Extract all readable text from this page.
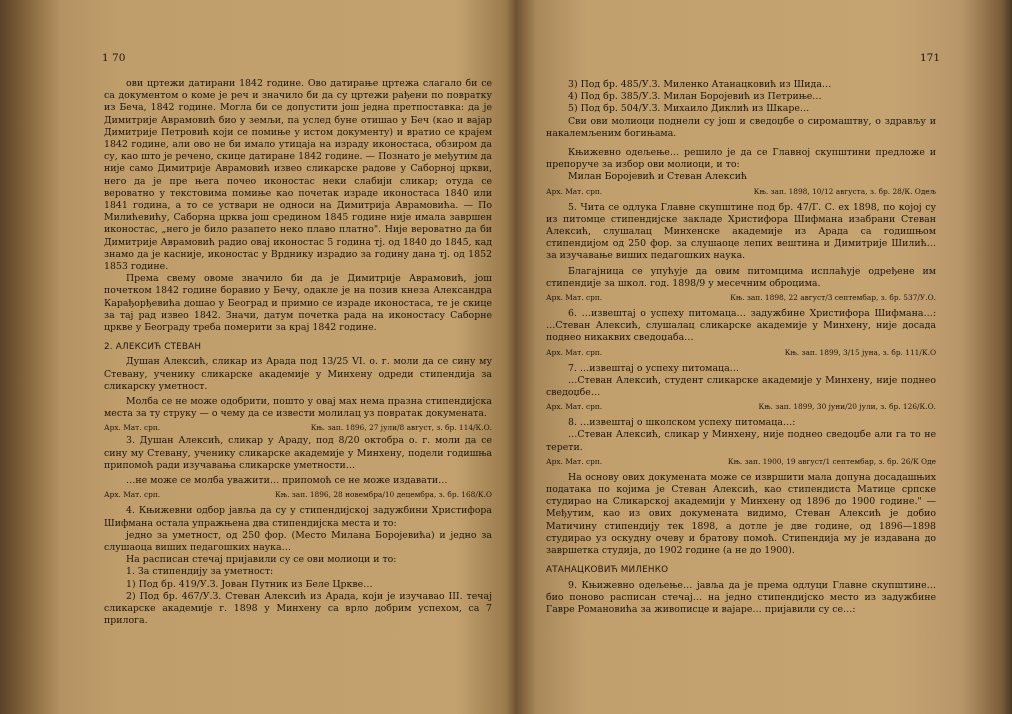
1 70

ови цртежи датирани 1842 године. Ово датирање цртежа слагало би се са документом о коме је реч и значило би да су цртежи рађени по повратку из Беча, 1842 године. Могла би се допустити још једна претпоставка: да је Димитрије Аврамовић био у земљи, па услед буне отишао у Беч (као и вајар Димитрије Петровић који се помиње у истом документу) и вратио се крајем 1842 године, али ово не би имало утицаја на израду иконостаса, обзиром да су, као што је речено, скице датиране 1842 године. — Познато је међутим да није само Димитрије Аврамовић извео сликарске радове у Саборној цркви, него да је пре њега почео иконостас неки слабији сликар; отуда се вероватно у текстовима помиње као почетак израде иконостаса 1840 или 1841 година, а то се уствари не односи на Димитрија Аврамовића. — По Милићевићу, Саборна црква још средином 1845 године није имала завршен иконостас, „него је било разапето неко плаво платно". Није вероватно да би Димитрије Аврамовић радио овај иконостас 5 година тј. од 1840 до 1845, кад знамо да је касније, иконостас у Врднику израдио за годину дана тј. од 1852 1853 године.

Према свему овоме значило би да је Димитрије Аврамовић, још почетком 1842 године боравио у Бечу, одакле је на позив кнеза Александра Карађорђевића дошао у Београд и примио се израде иконостаса, те је скице за тај рад извео 1842. Значи, датум почетка рада на иконостасу Саборне цркве у Београду треба померити за крај 1842 године.

2. АЛЕКСИЋ СТЕВАН

Душан Алексић, сликар из Арада под 13/25 VI. о. г. моли да се сину му Стевану, ученику сликарске академије у Минхену одреди стипендија за сликарску уметност.

Молба се не може одобрити, пошто у овај мах нема празна стипендијска места за ту струку — о чему да се извести молилац уз повратак докумената.

Арх. Мат. срп.	Књ. зап. 1896, 27 јули/8 август, з. бр. 114/К.О.

3. Душан Алексић, сликар у Араду, под 8/20 октобра о. г. моли да се сину му Стевану, ученику сликарске академије у Минхену, подели годишња припомоћ ради изучавања сликарске уметности…

…не може се молба уважити… припомоћ се не може издавати…

Арх. Мат. срп.	Књ. зап. 1896, 28 новембра/10 децембра, з. бр. 168/К.О

4. Књижевни одбор јавља да су у стипендијској задужбини Христифора Шифмана остала упражњена два стипендијска места и то:

једно за уметност, од 250 фор. (Место Милана Бороjевића) и једно за слушаоца виших педагошких наука…

На расписан стечај пријавили су се ови молиоци и то:

1. За стипендију за уметност:

1) Под бр. 419/У.З. Јован Путник из Беле Цркве…

2) Под бр. 467/У.З. Стеван Алексић из Арада, који је изучавао III. течај сликарске академије г. 1898 у Минхену са врло добрим успехом, са 7 прилога.

171

3) Под бр. 485/У.З. Миленко Атанацковић из Шида…

4) Под бр. 385/У.З. Милан Боројевић из Петриње…

5) Под бр. 504/У.З. Михаило Диклић из Шкаре…

Сви ови молиоци поднели су још и сведоџбе о сиромаштву, о здрављу и накалемљеним богињама.

Књижевно одељење… решило је да се Главној скупштини предложе и препоруче за избор ови молиоци, и то:

Милан Боројевић и Стеван Алексић

Арх. Мат. срп.	Књ. зап. 1898, 10/12 августа, з. бр. 28/К. Одељ

5. Чита се одлука Главне скупштине под бр. 47/Г. С. ех 1898, по којој су из питомце стипендијске закладе Христифора Шифмана изабрани Стеван Алексић, слушалац Минхенске академије из Арада са годишњом стипендијом од 250 фор. за слушаоце лепих вештина и Димитрије Шилић… за изучавање виших педагошких наука.

Благајница се упућује да овим питомцима исплаћује одређене им стипендије за школ. год. 1898/9 у месечним оброцима.

Арх. Мат. срп.	Књ. зап. 1898, 22 август/3 септембар, з. бр. 537/У.О.

6. …извештај о успеху питомаца… задужбине Христифора Шифмана…: …Стеван Алексић, слушалац сликарске академије у Минхену, није досада поднео никаквих сведоџаба…

Арх. Мат. срп.	Књ. зап. 1899, 3/15 јуна, з. бр. 111/К.О

7. …извештај о успеху питомаца…

…Стеван Алексић, студент сликарске академије у Минхену, није поднео сведоџбе…

Арх. Мат. срп.	Књ. зап. 1899, 30 јуни/20 јули, з. бр. 126/К.О.

8. …извештај о школском успеху питомаца…:

…Стеван Алексић, сликар у Минхену, није поднео сведоџбе али га то не терети.

Арх. Мат. срп.	Књ. зап. 1900, 19 август/1 септембар, з. бр. 26/К Оде

На основу ових докумената може се извршити мала допуна досадашњих података по којима је Стеван Алексић, као стипендиста Матице српске студирао на Сликарској академији у Минхену од 1896 до 1900 године." — Међутим, као из ових докумената видимо, Стеван Алексић је добио Матичину стипендију тек 1898, а дотле је две године, од 1896—1898 студирао уз оскудну очеву и братову помоћ. Стипендија му је издавана до завршетка студија, до 1902 године (а не до 1900).

АТАНАЦКОВИЋ МИЛЕНКО

9. Књижевно одељење… јавља да је према одлуци Главне скупштине… био поново расписан стечај… на једно стипендијско место из задужбине Гавре Романовића за живописце и вајаре… пријавили су се…:
